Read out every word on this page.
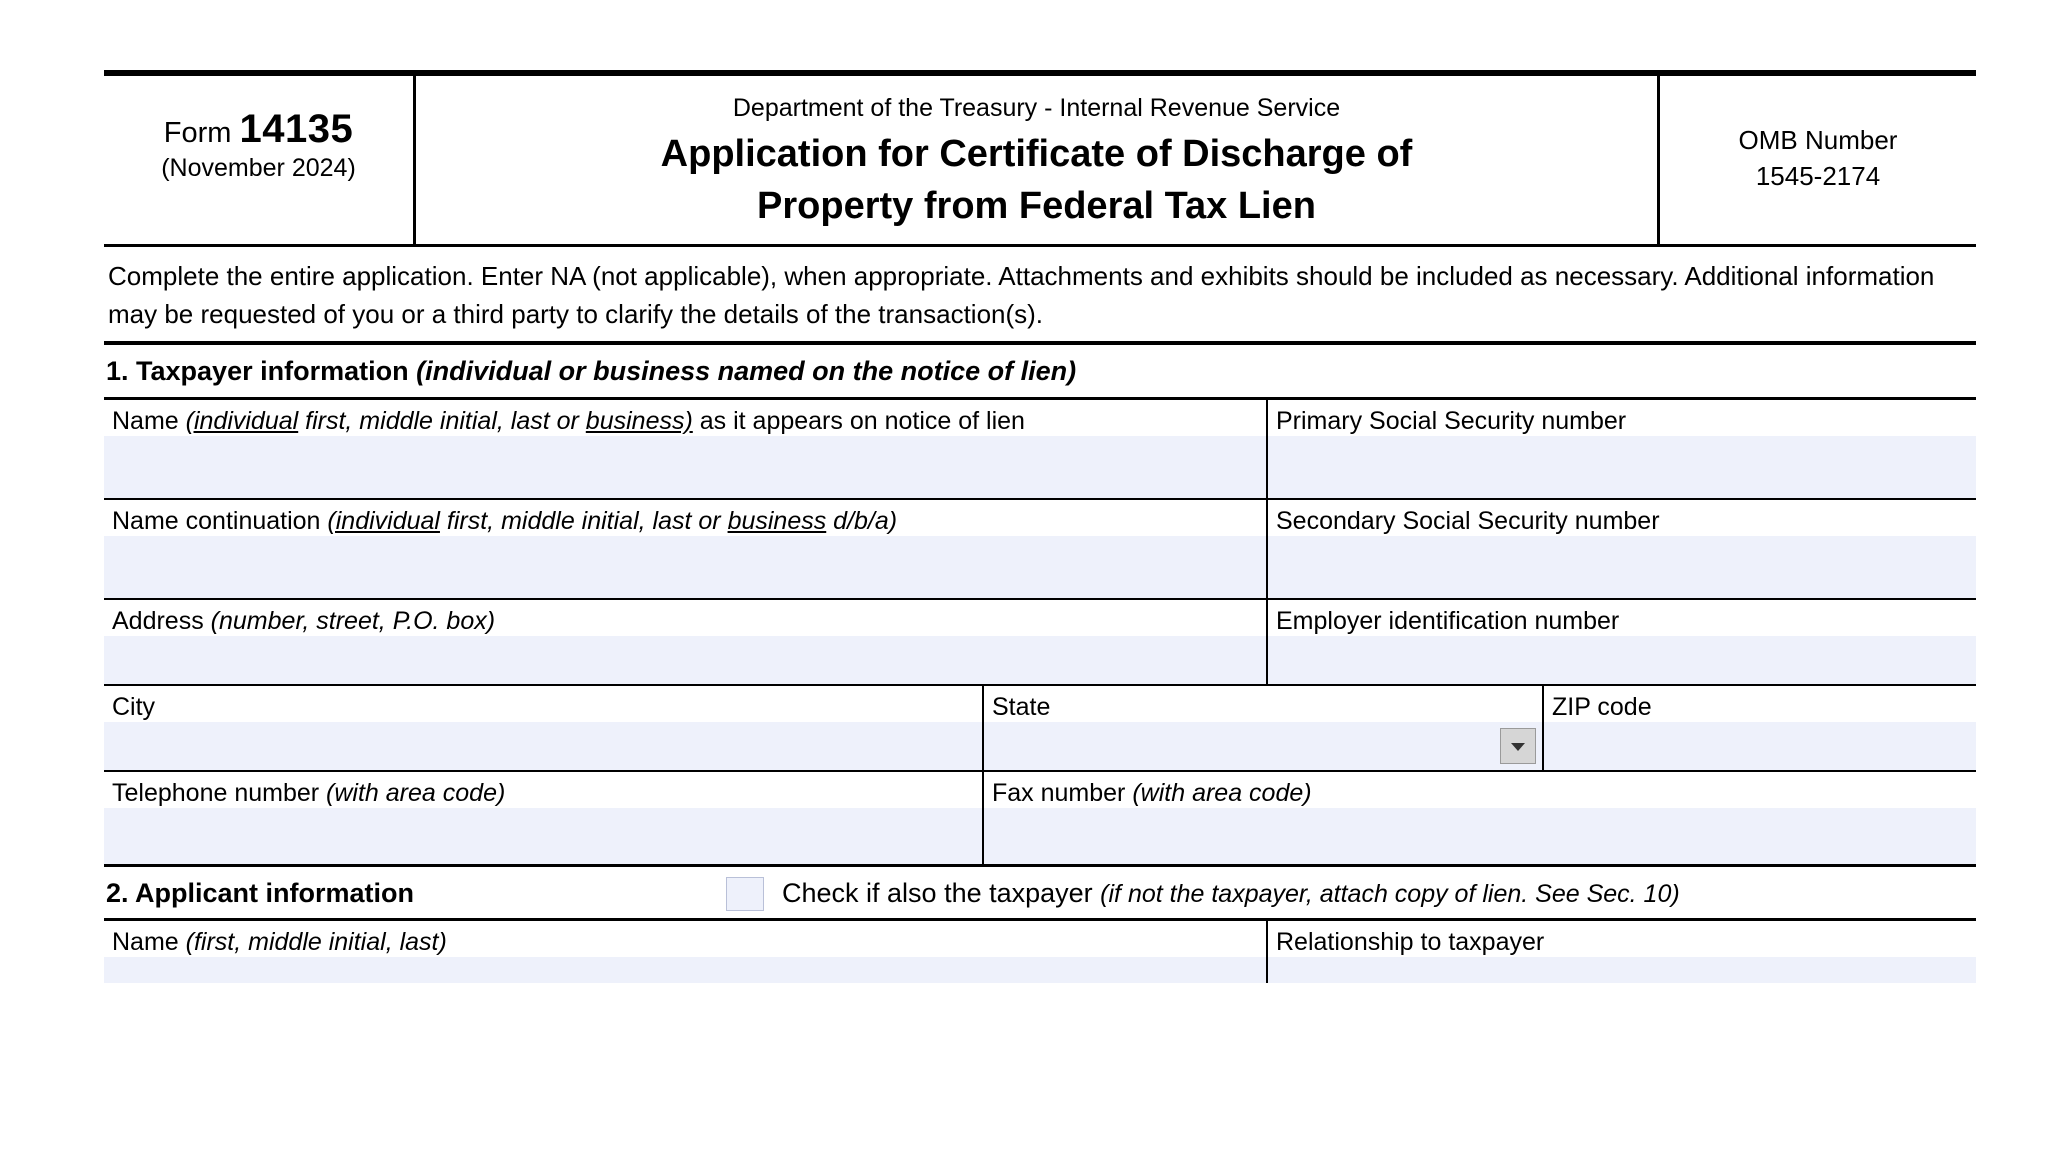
Form 14135
(November 2024)
Department of the Treasury - Internal Revenue Service
Application for Certificate of Discharge of
Property from Federal Tax Lien
OMB Number
1545-2174
Complete the entire application. Enter NA (not applicable), when appropriate. Attachments and exhibits should be included as necessary. Additional information may be requested of you or a third party to clarify the details of the transaction(s).
1. Taxpayer information (individual or business named on the notice of lien)
Name (individual first, middle initial, last or business) as it appears on notice of lien	Primary Social Security number
Name continuation (individual first, middle initial, last or business d/b/a)	Secondary Social Security number
Address (number, street, P.O. box)	Employer identification number
City	State	ZIP code
Telephone number (with area code)	Fax number (with area code)
2. Applicant information	Check if also the taxpayer (if not the taxpayer, attach copy of lien. See Sec. 10)
Name (first, middle initial, last)	Relationship to taxpayer
